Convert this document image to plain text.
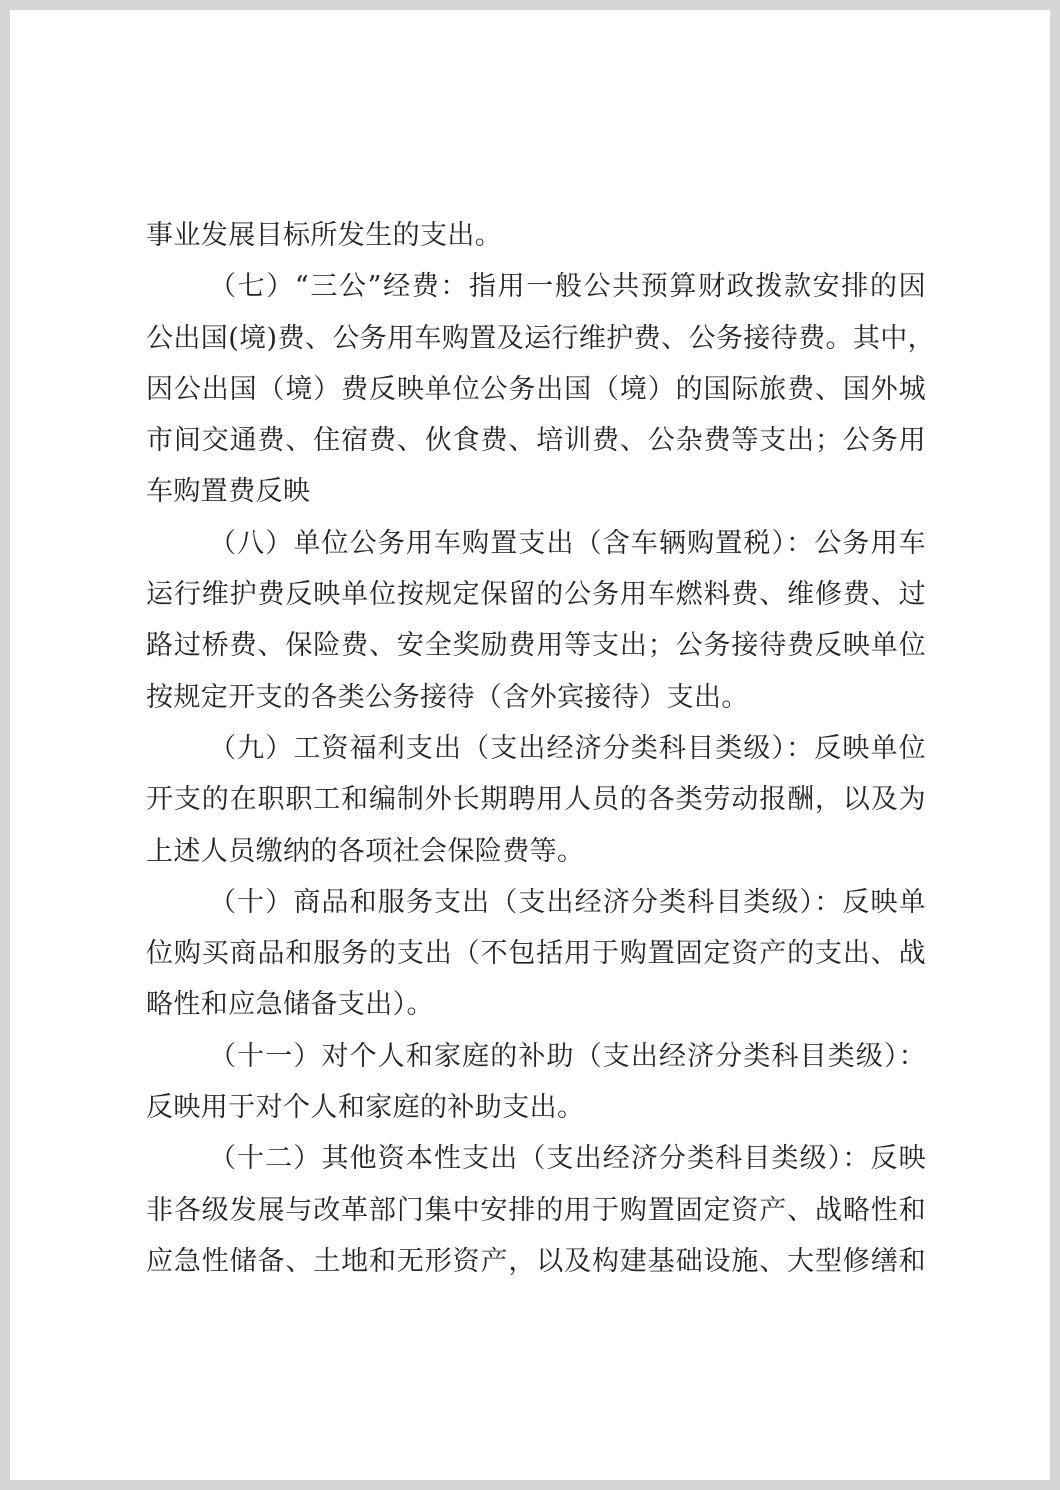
事业发展目标所发生的支出。
（七）“三公”经费：指用一般公共预算财政拨款安排的因
公出国(境)费、公务用车购置及运行维护费、公务接待费。其中，
因公出国（境）费反映单位公务出国（境）的国际旅费、国外城
市间交通费、住宿费、伙食费、培训费、公杂费等支出；公务用
车购置费反映
（八）单位公务用车购置支出（含车辆购置税）：公务用车
运行维护费反映单位按规定保留的公务用车燃料费、维修费、过
路过桥费、保险费、安全奖励费用等支出；公务接待费反映单位
按规定开支的各类公务接待（含外宾接待）支出。
（九）工资福利支出（支出经济分类科目类级）：反映单位
开支的在职职工和编制外长期聘用人员的各类劳动报酬，以及为
上述人员缴纳的各项社会保险费等。
（十）商品和服务支出（支出经济分类科目类级）：反映单
位购买商品和服务的支出（不包括用于购置固定资产的支出、战
略性和应急储备支出）。
（十一）对个人和家庭的补助（支出经济分类科目类级）：
反映用于对个人和家庭的补助支出。
（十二）其他资本性支出（支出经济分类科目类级）：反映
非各级发展与改革部门集中安排的用于购置固定资产、战略性和
应急性储备、土地和无形资产，以及构建基础设施、大型修缮和
